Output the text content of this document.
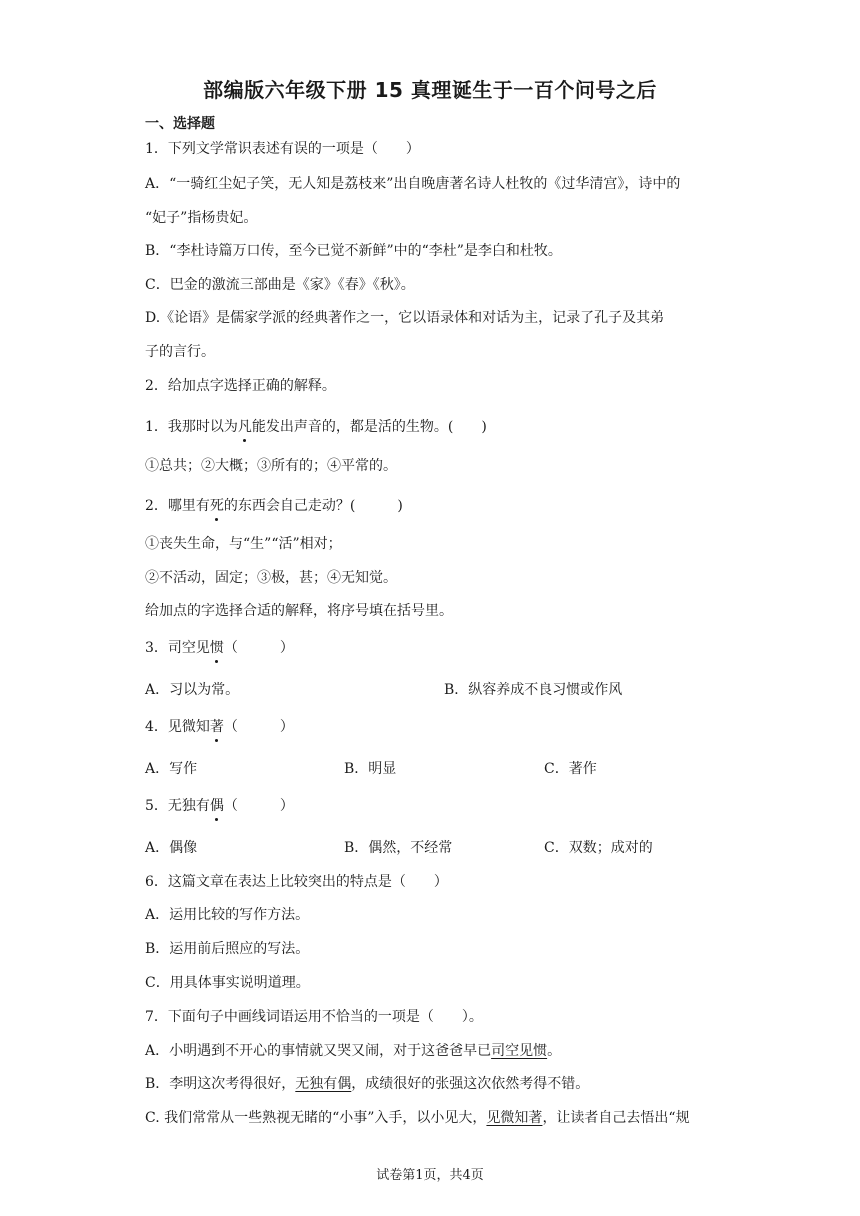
部编版六年级下册 15 真理诞生于一百个问号之后
一、选择题
1．下列文学常识表述有误的一项是（　　）
A．“一骑红尘妃子笑，无人知是荔枝来”出自晚唐著名诗人杜牧的《过华清宫》，诗中的
“妃子”指杨贵妃。
B．“李杜诗篇万口传，至今已觉不新鲜”中的“李杜”是李白和杜牧。
C．巴金的激流三部曲是《家》《春》《秋》。
D.《论语》是儒家学派的经典著作之一，它以语录体和对话为主，记录了孔子及其弟
子的言行。
2．给加点字选择正确的解释。
1．我那时以为凡能发出声音的，都是活的生物。(　　)
①总共；②大概；③所有的；④平常的。
2．哪里有死的东西会自己走动？(　　　)
①丧失生命，与“生”“活”相对；
②不活动，固定；③极，甚；④无知觉。
给加点的字选择合适的解释，将序号填在括号里。
3．司空见惯（　　　）
A．习以为常。	B．纵容养成不良习惯或作风
4．见微知著（　　　）
A．写作	B．明显	C．著作
5．无独有偶（　　　）
A．偶像	B．偶然，不经常	C．双数；成对的
6．这篇文章在表达上比较突出的特点是（　　）
A．运用比较的写作方法。
B．运用前后照应的写法。
C．用具体事实说明道理。
7．下面句子中画线词语运用不恰当的一项是（　　）。
A．小明遇到不开心的事情就又哭又闹，对于这爸爸早已司空见惯。
B．李明这次考得很好，无独有偶，成绩很好的张强这次依然考得不错。
C. 我们常常从一些熟视无睹的“小事”入手，以小见大，见微知著，让读者自己去悟出“规
试卷第1页，共4页
